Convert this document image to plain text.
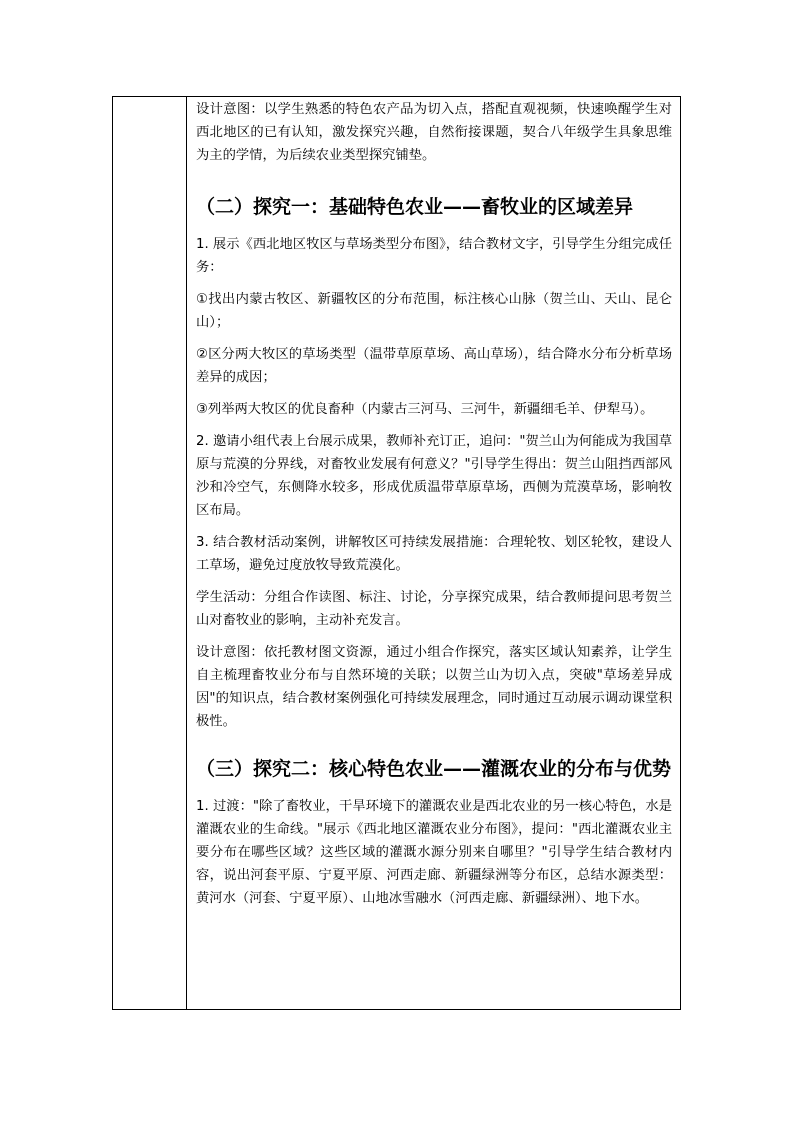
设计意图：以学生熟悉的特色农产品为切入点，搭配直观视频，快速唤醒学生对西北地区的已有认知，激发探究兴趣，自然衔接课题，契合八年级学生具象思维为主的学情，为后续农业类型探究铺垫。

（二）探究一：基础特色农业——畜牧业的区域差异

1. 展示《西北地区牧区与草场类型分布图》，结合教材文字，引导学生分组完成任务：

①找出内蒙古牧区、新疆牧区的分布范围，标注核心山脉（贺兰山、天山、昆仑山）；

②区分两大牧区的草场类型（温带草原草场、高山草场），结合降水分布分析草场差异的成因；

③列举两大牧区的优良畜种（内蒙古三河马、三河牛，新疆细毛羊、伊犁马）。

2. 邀请小组代表上台展示成果，教师补充订正，追问："贺兰山为何能成为我国草原与荒漠的分界线，对畜牧业发展有何意义？"引导学生得出：贺兰山阻挡西部风沙和冷空气，东侧降水较多，形成优质温带草原草场，西侧为荒漠草场，影响牧区布局。

3. 结合教材活动案例，讲解牧区可持续发展措施：合理轮牧、划区轮牧，建设人工草场，避免过度放牧导致荒漠化。

学生活动：分组合作读图、标注、讨论，分享探究成果，结合教师提问思考贺兰山对畜牧业的影响，主动补充发言。

设计意图：依托教材图文资源，通过小组合作探究，落实区域认知素养，让学生自主梳理畜牧业分布与自然环境的关联；以贺兰山为切入点，突破"草场差异成因"的知识点，结合教材案例强化可持续发展理念，同时通过互动展示调动课堂积极性。

（三）探究二：核心特色农业——灌溉农业的分布与优势

1. 过渡："除了畜牧业，干旱环境下的灌溉农业是西北农业的另一核心特色，水是灌溉农业的生命线。"展示《西北地区灌溉农业分布图》，提问："西北灌溉农业主要分布在哪些区域？这些区域的灌溉水源分别来自哪里？"引导学生结合教材内容，说出河套平原、宁夏平原、河西走廊、新疆绿洲等分布区，总结水源类型：黄河水（河套、宁夏平原）、山地冰雪融水（河西走廊、新疆绿洲）、地下水。
